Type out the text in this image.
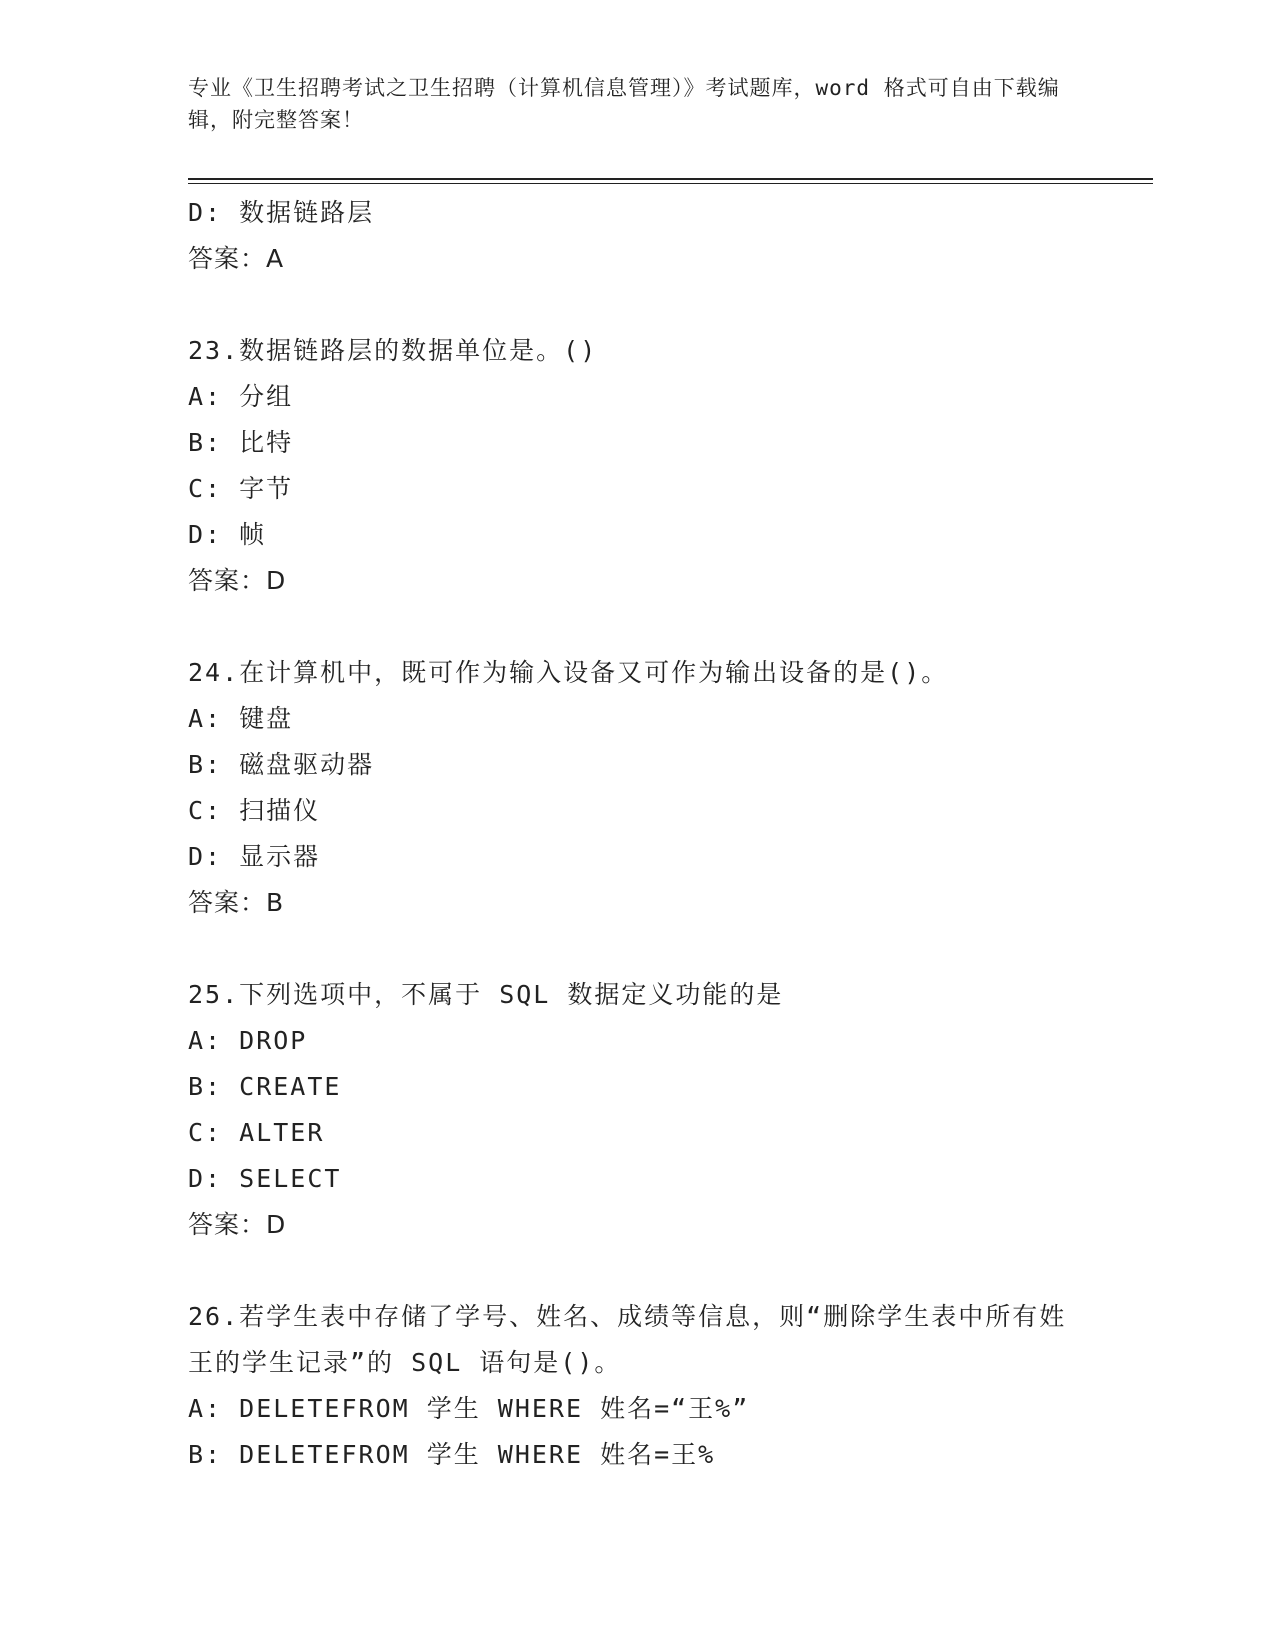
专业《卫生招聘考试之卫生招聘（计算机信息管理）》考试题库，word 格式可自由下载编辑，附完整答案！
D: 数据链路层
答案：A
23.数据链路层的数据单位是。()
A: 分组
B: 比特
C: 字节
D: 帧
答案：D
24.在计算机中，既可作为输入设备又可作为输出设备的是()。
A: 键盘
B: 磁盘驱动器
C: 扫描仪
D: 显示器
答案：B
25.下列选项中，不属于 SQL 数据定义功能的是
A: DROP
B: CREATE
C: ALTER
D: SELECT
答案：D
26.若学生表中存储了学号、姓名、成绩等信息，则“删除学生表中所有姓王的学生记录”的 SQL 语句是()。
A: DELETEFROM 学生 WHERE 姓名=“王%”
B: DELETEFROM 学生 WHERE 姓名=王%
